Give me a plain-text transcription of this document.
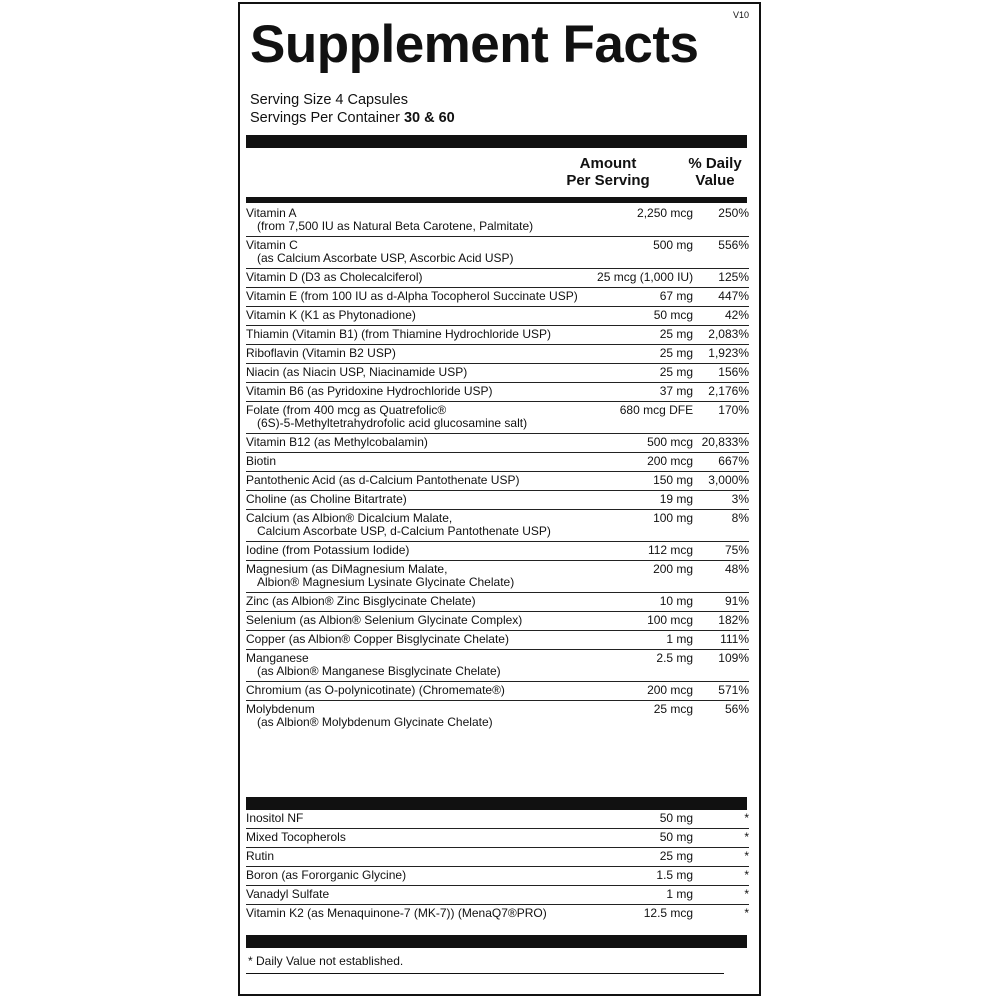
V10
Supplement Facts
Serving Size 4 Capsules
Servings Per Container 30 & 60
Amount
Per Serving
% Daily
Value
Vitamin A
(from 7,500 IU as Natural Beta Carotene, Palmitate)	2,250 mcg	250%
Vitamin C
(as Calcium Ascorbate USP, Ascorbic Acid USP)	500 mg	556%
Vitamin D (D3 as Cholecalciferol)	25 mcg (1,000 IU)	125%
Vitamin E (from 100 IU as d-Alpha Tocopherol Succinate USP)	67 mg	447%
Vitamin K (K1 as Phytonadione)	50 mcg	42%
Thiamin (Vitamin B1) (from Thiamine Hydrochloride USP)	25 mg	2,083%
Riboflavin (Vitamin B2 USP)	25 mg	1,923%
Niacin (as Niacin USP, Niacinamide USP)	25 mg	156%
Vitamin B6 (as Pyridoxine Hydrochloride USP)	37 mg	2,176%
Folate (from 400 mcg as Quatrefolic®
(6S)-5-Methyltetrahydrofolic acid glucosamine salt)	680 mcg DFE	170%
Vitamin B12 (as Methylcobalamin)	500 mcg	20,833%
Biotin	200 mcg	667%
Pantothenic Acid (as d-Calcium Pantothenate USP)	150 mg	3,000%
Choline (as Choline Bitartrate)	19 mg	3%
Calcium (as Albion® Dicalcium Malate,
Calcium Ascorbate USP, d-Calcium Pantothenate USP)	100 mg	8%
Iodine (from Potassium Iodide)	112 mcg	75%
Magnesium (as DiMagnesium Malate,
Albion® Magnesium Lysinate Glycinate Chelate)	200 mg	48%
Zinc (as Albion® Zinc Bisglycinate Chelate)	10 mg	91%
Selenium (as Albion® Selenium Glycinate Complex)	100 mcg	182%
Copper (as Albion® Copper Bisglycinate Chelate)	1 mg	111%
Manganese
(as Albion® Manganese Bisglycinate Chelate)	2.5 mg	109%
Chromium (as O-polynicotinate) (Chromemate®)	200 mcg	571%
Molybdenum
(as Albion® Molybdenum Glycinate Chelate)	25 mcg	56%
Inositol NF	50 mg	*
Mixed Tocopherols	50 mg	*
Rutin	25 mg	*
Boron (as Fororganic Glycine)	1.5 mg	*
Vanadyl Sulfate	1 mg	*
Vitamin K2 (as Menaquinone-7 (MK-7)) (MenaQ7®PRO)	12.5 mcg	*
* Daily Value not established.
